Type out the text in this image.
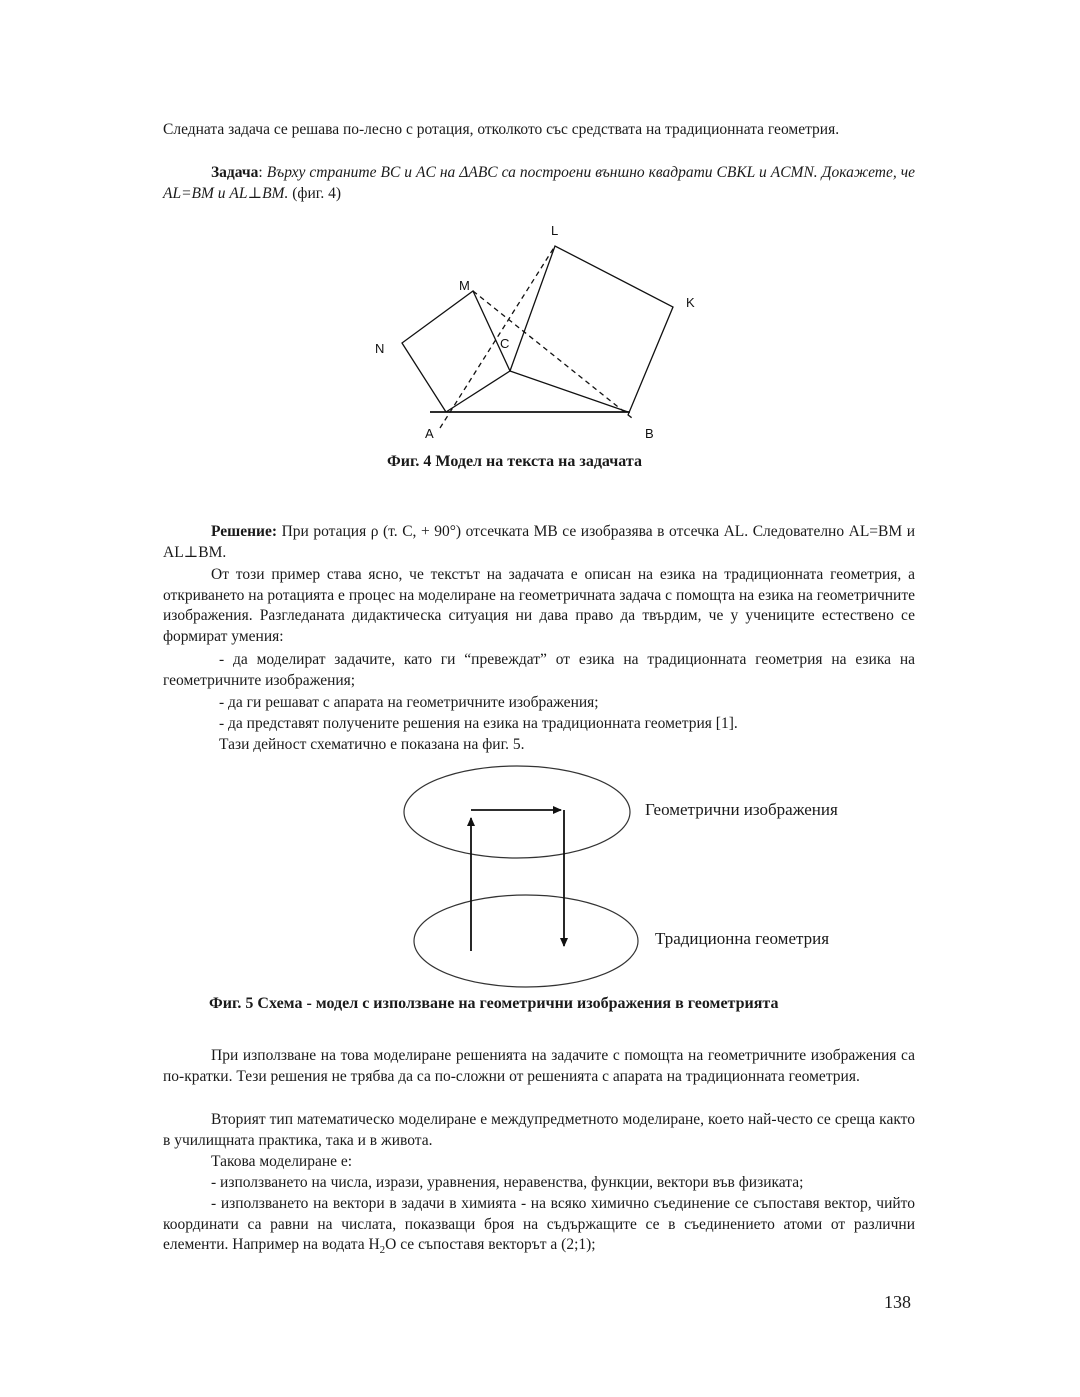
Следната задача се решава по-лесно с ротация, отколкото със средствата на традиционната геометрия.

Задача: Върху страните BC и AC на ΔABC са построени външно квадрати CBKL и ACMN. Докажете, че AL=BM и AL⊥BM. (фиг. 4)

L
M
K
N	C
A	B
Фиг. 4 Модел на текста на задачата

Решение: При ротация ρ (т. C, + 90°) отсечката MB се изобразява в отсечка AL. Следователно AL=BM и AL⊥BM.

От този пример става ясно, че текстът на задачата е описан на езика на традиционната геометрия, а откриването на ротацията е процес на моделиране на геометричната задача с помощта на езика на геометричните изображения. Разгледаната дидактическа ситуация ни дава право да твърдим, че у учениците естествено се формират умения:

- да моделират задачите, като ги “превеждат” от езика на традиционната геометрия на езика на геометричните изображения;

- да ги решават с апарата на геометричните изображения;

- да представят получените решения на езика на традиционната геометрия [1].

Тази дейност схематично е показана на фиг. 5.

Геометрични изображения
Традиционна геометрия
Фиг. 5 Схема - модел с използване на геометрични изображения в геометрията

При използване на това моделиране решенията на задачите с помощта на геометричните изображения са по-кратки. Тези решения не трябва да са по-сложни от решенията с апарата на традиционната геометрия.

Вторият тип математическо моделиране е междупредметното моделиране, което най-често се среща както в училищната практика, така и в живота.

Такова моделиране е:

- използването на числа, изрази, уравнения, неравенства, функции, вектори във физиката;

- използването на вектори в задачи в химията - на всяко химично съединение се съпоставя вектор, чийто координати са равни на числата, показващи броя на съдържащите се в съединението атоми от различни елементи. Например на водата $H_2O$ се съпоставя векторът a (2;1);

138
